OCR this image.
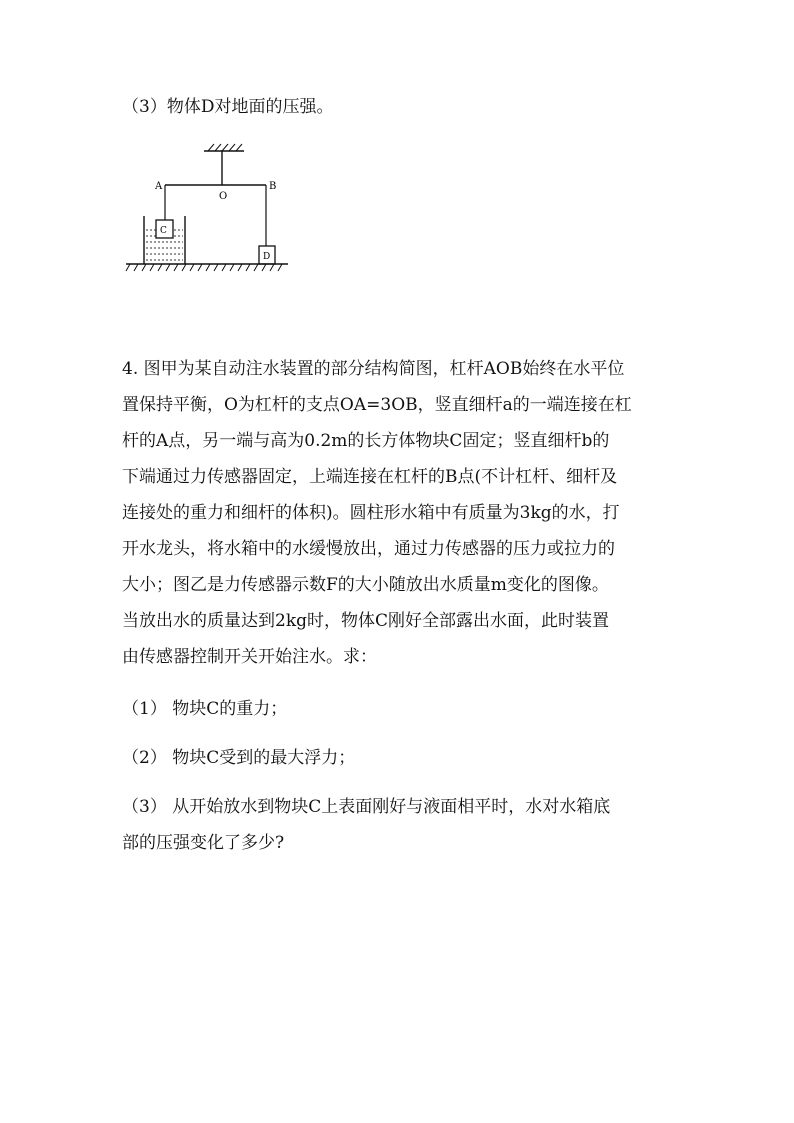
（3）物体D对地面的压强。
A
O
B
C
D
4. 图甲为某自动注水装置的部分结构简图，杠杆AOB始终在水平位
置保持平衡，O为杠杆的支点OA=3OB，竖直细杆a的一端连接在杠
杆的A点，另一端与高为0.2m的长方体物块C固定；竖直细杆b的
下端通过力传感器固定，上端连接在杠杆的B点(不计杠杆、细杆及
连接处的重力和细杆的体积)。圆柱形水箱中有质量为3kg的水，打
开水龙头，将水箱中的水缓慢放出，通过力传感器的压力或拉力的
大小；图乙是力传感器示数F的大小随放出水质量m变化的图像。
当放出水的质量达到2kg时，物体C刚好全部露出水面，此时装置
由传感器控制开关开始注水。求：
（1） 物块C的重力；
（2） 物块C受到的最大浮力；
（3） 从开始放水到物块C上表面刚好与液面相平时，水对水箱底
部的压强变化了多少?
